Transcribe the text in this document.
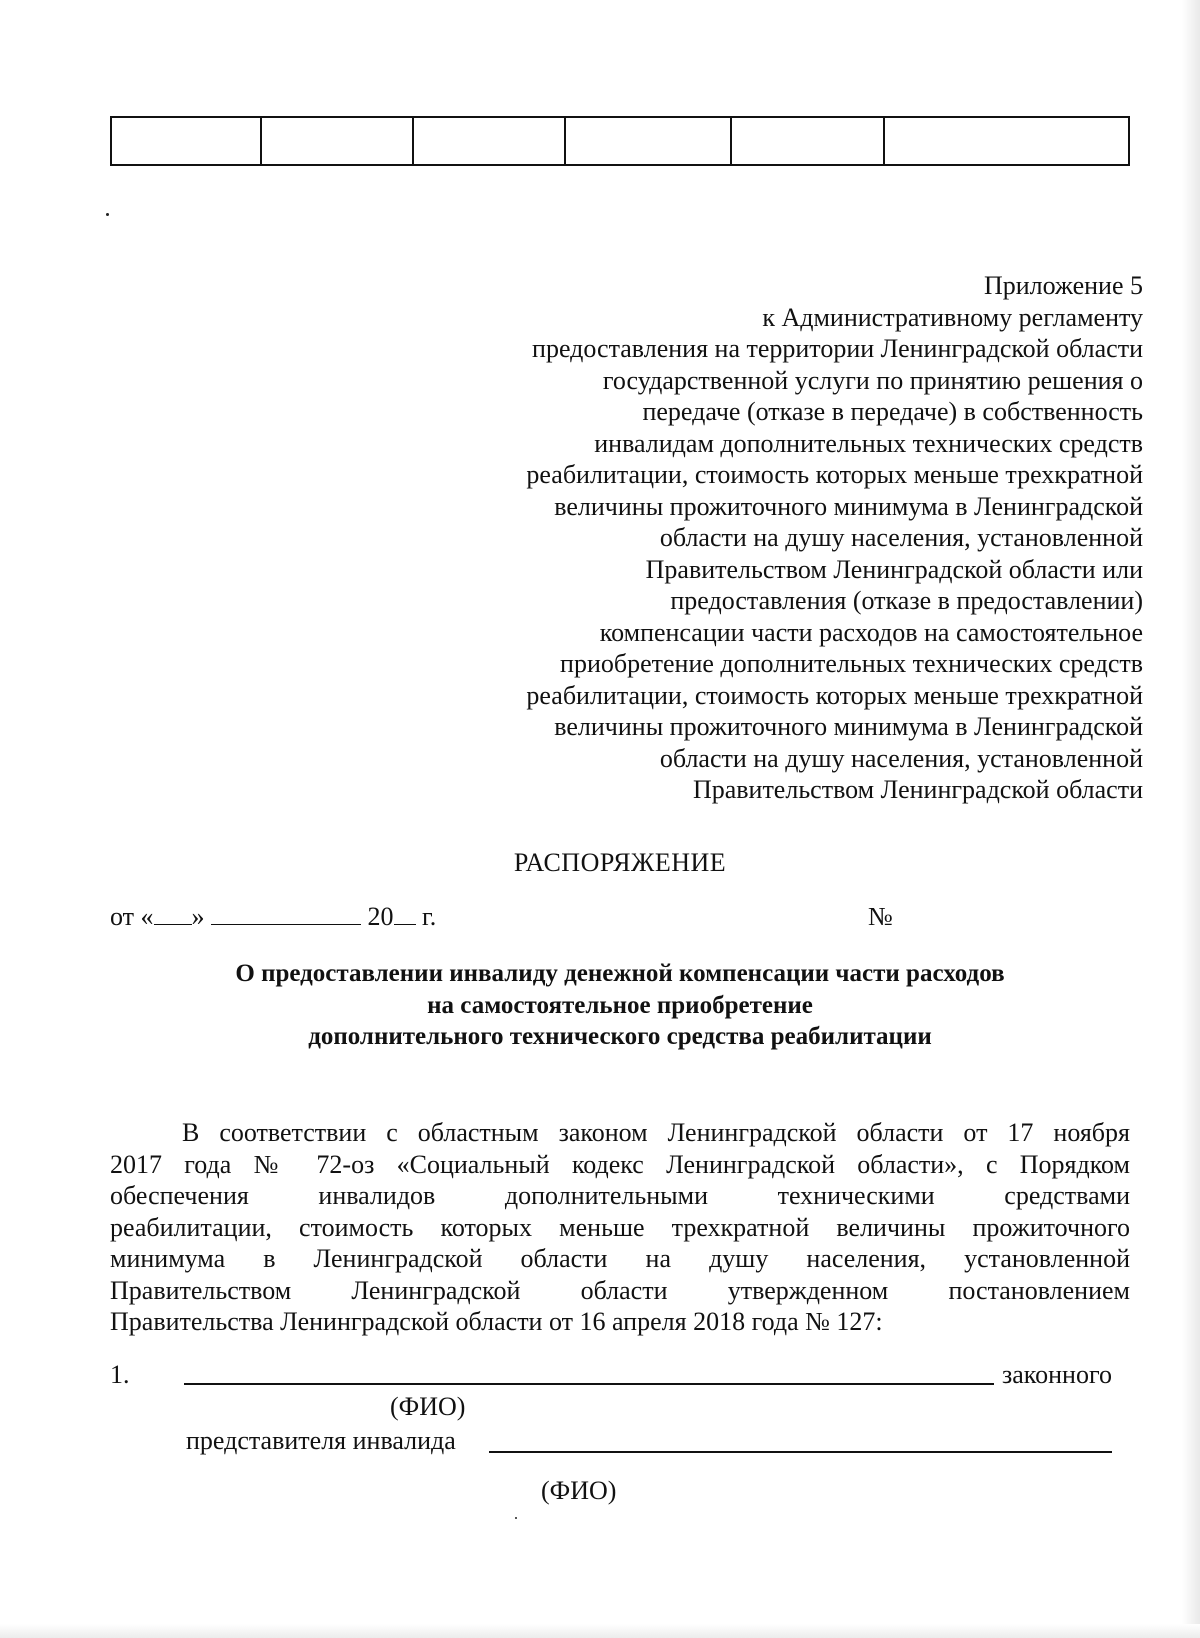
Приложение 5
к Административному регламенту
предоставления на территории Ленинградской области
государственной услуги по принятию решения о
передаче (отказе в передаче) в собственность
инвалидам дополнительных технических средств
реабилитации, стоимость которых меньше трехкратной
величины прожиточного минимума в Ленинградской
области на душу населения, установленной
Правительством Ленинградской области или
предоставления (отказе в предоставлении)
компенсации части расходов на самостоятельное
приобретение дополнительных технических средств
реабилитации, стоимость которых меньше трехкратной
величины прожиточного минимума в Ленинградской
области на душу населения, установленной
Правительством Ленинградской области
РАСПОРЯЖЕНИЕ
от « »	20 г.	№
О предоставлении инвалиду денежной компенсации части расходов
на самостоятельное приобретение
дополнительного технического средства реабилитации
В соответствии с областным законом Ленинградской области от 17 ноября
2017 года № 72-оз «Социальный кодекс Ленинградской области», с Порядком
обеспечения инвалидов дополнительными техническими средствами
реабилитации, стоимость которых меньше трехкратной величины прожиточного
минимума в Ленинградской области на душу населения, установленной
Правительством Ленинградской области утвержденном постановлением
Правительства Ленинградской области от 16 апреля 2018 года № 127:
1.	законного
(ФИО)
представителя инвалида
(ФИО)
